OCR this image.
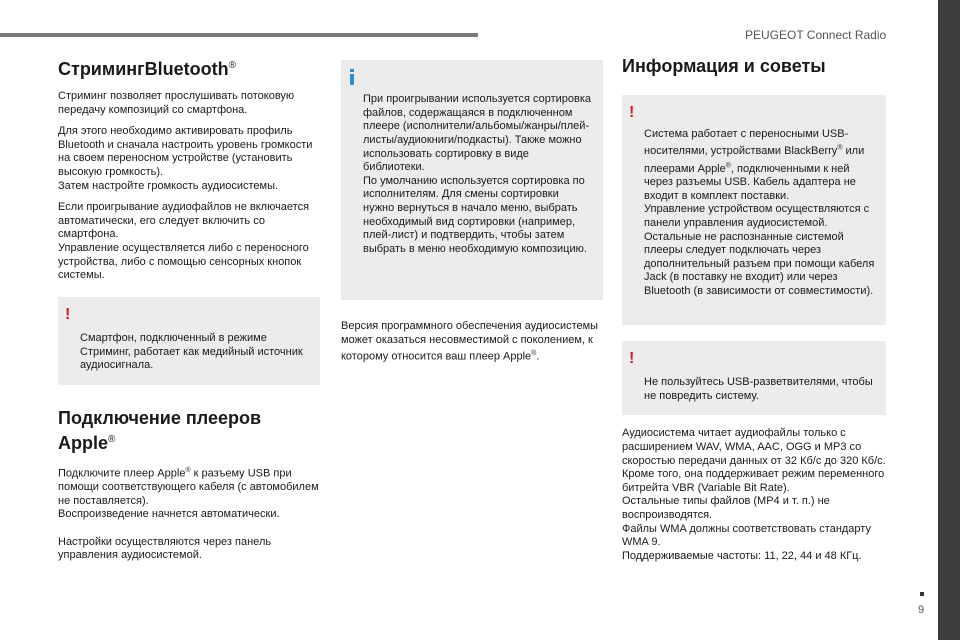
PEUGEOT Connect Radio
9
СтримингBluetooth®

Стриминг позволяет прослушивать потоковую передачу композиций со смартфона.

Для этого необходимо активировать профиль Bluetooth и сначала настроить уровень громкости на своем переносном устройстве (установить высокую громкость).
Затем настройте громкость аудиосистемы.

Если проигрывание аудиофайлов не включается автоматически, его следует включить со смартфона.
Управление осуществляется либо с переносного устройства, либо с помощью сенсорных кнопок системы.

!

Смартфон, подключенный в режиме Стриминг, работает как медийный источник аудиосигнала.

Подключение плееров
Apple®

Подключите плеер Apple® к разъему USB при помощи соответствующего кабеля (с автомобилем не поставляется).
Воспроизведение начнется автоматически.

Настройки осуществляются через панель управления аудиосистемой.

При проигрывании используется сортировка файлов, содержащаяся в подключенном плеере (исполнители/альбомы/жанры/плей-листы/аудиокниги/подкасты). Также можно использовать сортировку в виде библиотеки.
По умолчанию используется сортировка по исполнителям. Для смены сортировки нужно вернуться в начало меню, выбрать необходимый вид сортировки (например, плей-лист) и подтвердить, чтобы затем выбрать в меню необходимую композицию.

Версия программного обеспечения аудиосистемы может оказаться несовместимой с поколением, к которому относится ваш плеер Apple®.

Информация и советы

!

Система работает с переносными USB-носителями, устройствами BlackBerry® или плеерами Apple®, подключенными к ней через разъемы USB. Кабель адаптера не входит в комплект поставки.
Управление устройством осуществляются с панели управления аудиосистемой.
Остальные не распознанные системой плееры следует подключать через дополнительный разъем при помощи кабеля Jack (в поставку не входит) или через Bluetooth (в зависимости от совместимости).

!

Не пользуйтесь USB-разветвителями, чтобы не повредить систему.

Аудиосистема читает аудиофайлы только с расширением WAV, WMA, AAC, OGG и MP3 со скоростью передачи данных от 32 Кб/с до 320 Кб/с.
Кроме того, она поддерживает режим переменного битрейта VBR (Variable Bit Rate).
Остальные типы файлов (MP4 и т. п.) не воспроизводятся.
Файлы WMA должны соответствовать стандарту WMA 9.
Поддерживаемые частоты: 11, 22, 44 и 48 КГц.
